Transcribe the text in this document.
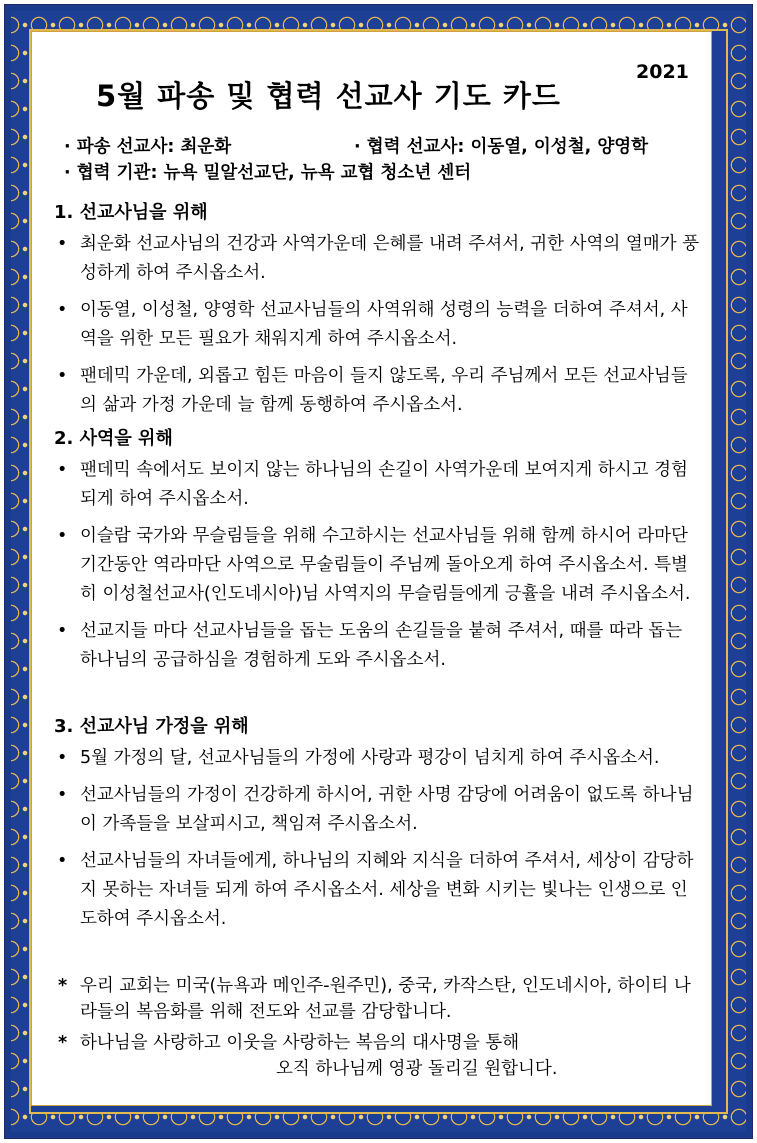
2021
5월 파송 및 협력 선교사 기도 카드
· 파송 선교사: 최운화	· 협력 선교사: 이동열, 이성철, 양영학
· 협력 기관: 뉴욕 밀알선교단, 뉴욕 교협 청소년 센터
1. 선교사님을 위해
• 최운화 선교사님의 건강과 사역가운데 은혜를 내려 주셔서, 귀한 사역의 열매가 풍성하게 하여 주시옵소서.
• 이동열, 이성철, 양영학 선교사님들의 사역위해 성령의 능력을 더하여 주셔서, 사역을 위한 모든 필요가 채워지게 하여 주시옵소서.
• 팬데믹 가운데, 외롭고 힘든 마음이 들지 않도록, 우리 주님께서 모든 선교사님들의 삶과 가정 가운데 늘 함께 동행하여 주시옵소서.
2. 사역을 위해
• 팬데믹 속에서도 보이지 않는 하나님의 손길이 사역가운데 보여지게 하시고 경험되게 하여 주시옵소서.
• 이슬람 국가와 무슬림들을 위해 수고하시는 선교사님들 위해 함께 하시어 라마단 기간동안 역라마단 사역으로 무술림들이 주님께 돌아오게 하여 주시옵소서. 특별히 이성철선교사(인도네시아)님 사역지의 무슬림들에게 긍휼을 내려 주시옵소서.
• 선교지들 마다 선교사님들을 돕는 도움의 손길들을 붙혀 주셔서, 때를 따라 돕는 하나님의 공급하심을 경험하게 도와 주시옵소서.
3. 선교사님 가정을 위해
• 5월 가정의 달, 선교사님들의 가정에 사랑과 평강이 넘치게 하여 주시옵소서.
• 선교사님들의 가정이 건강하게 하시어, 귀한 사명 감당에 어려움이 없도록 하나님이 가족들을 보살피시고, 책임져 주시옵소서.
• 선교사님들의 자녀들에게, 하나님의 지혜와 지식을 더하여 주셔서, 세상이 감당하지 못하는 자녀들 되게 하여 주시옵소서. 세상을 변화 시키는 빛나는 인생으로 인도하여 주시옵소서.
* 우리 교회는 미국(뉴욕과 메인주-원주민), 중국, 카작스탄, 인도네시아, 하이티 나라들의 복음화를 위해 전도와 선교를 감당합니다.
* 하나님을 사랑하고 이웃을 사랑하는 복음의 대사명을 통해
오직 하나님께 영광 돌리길 원합니다.
